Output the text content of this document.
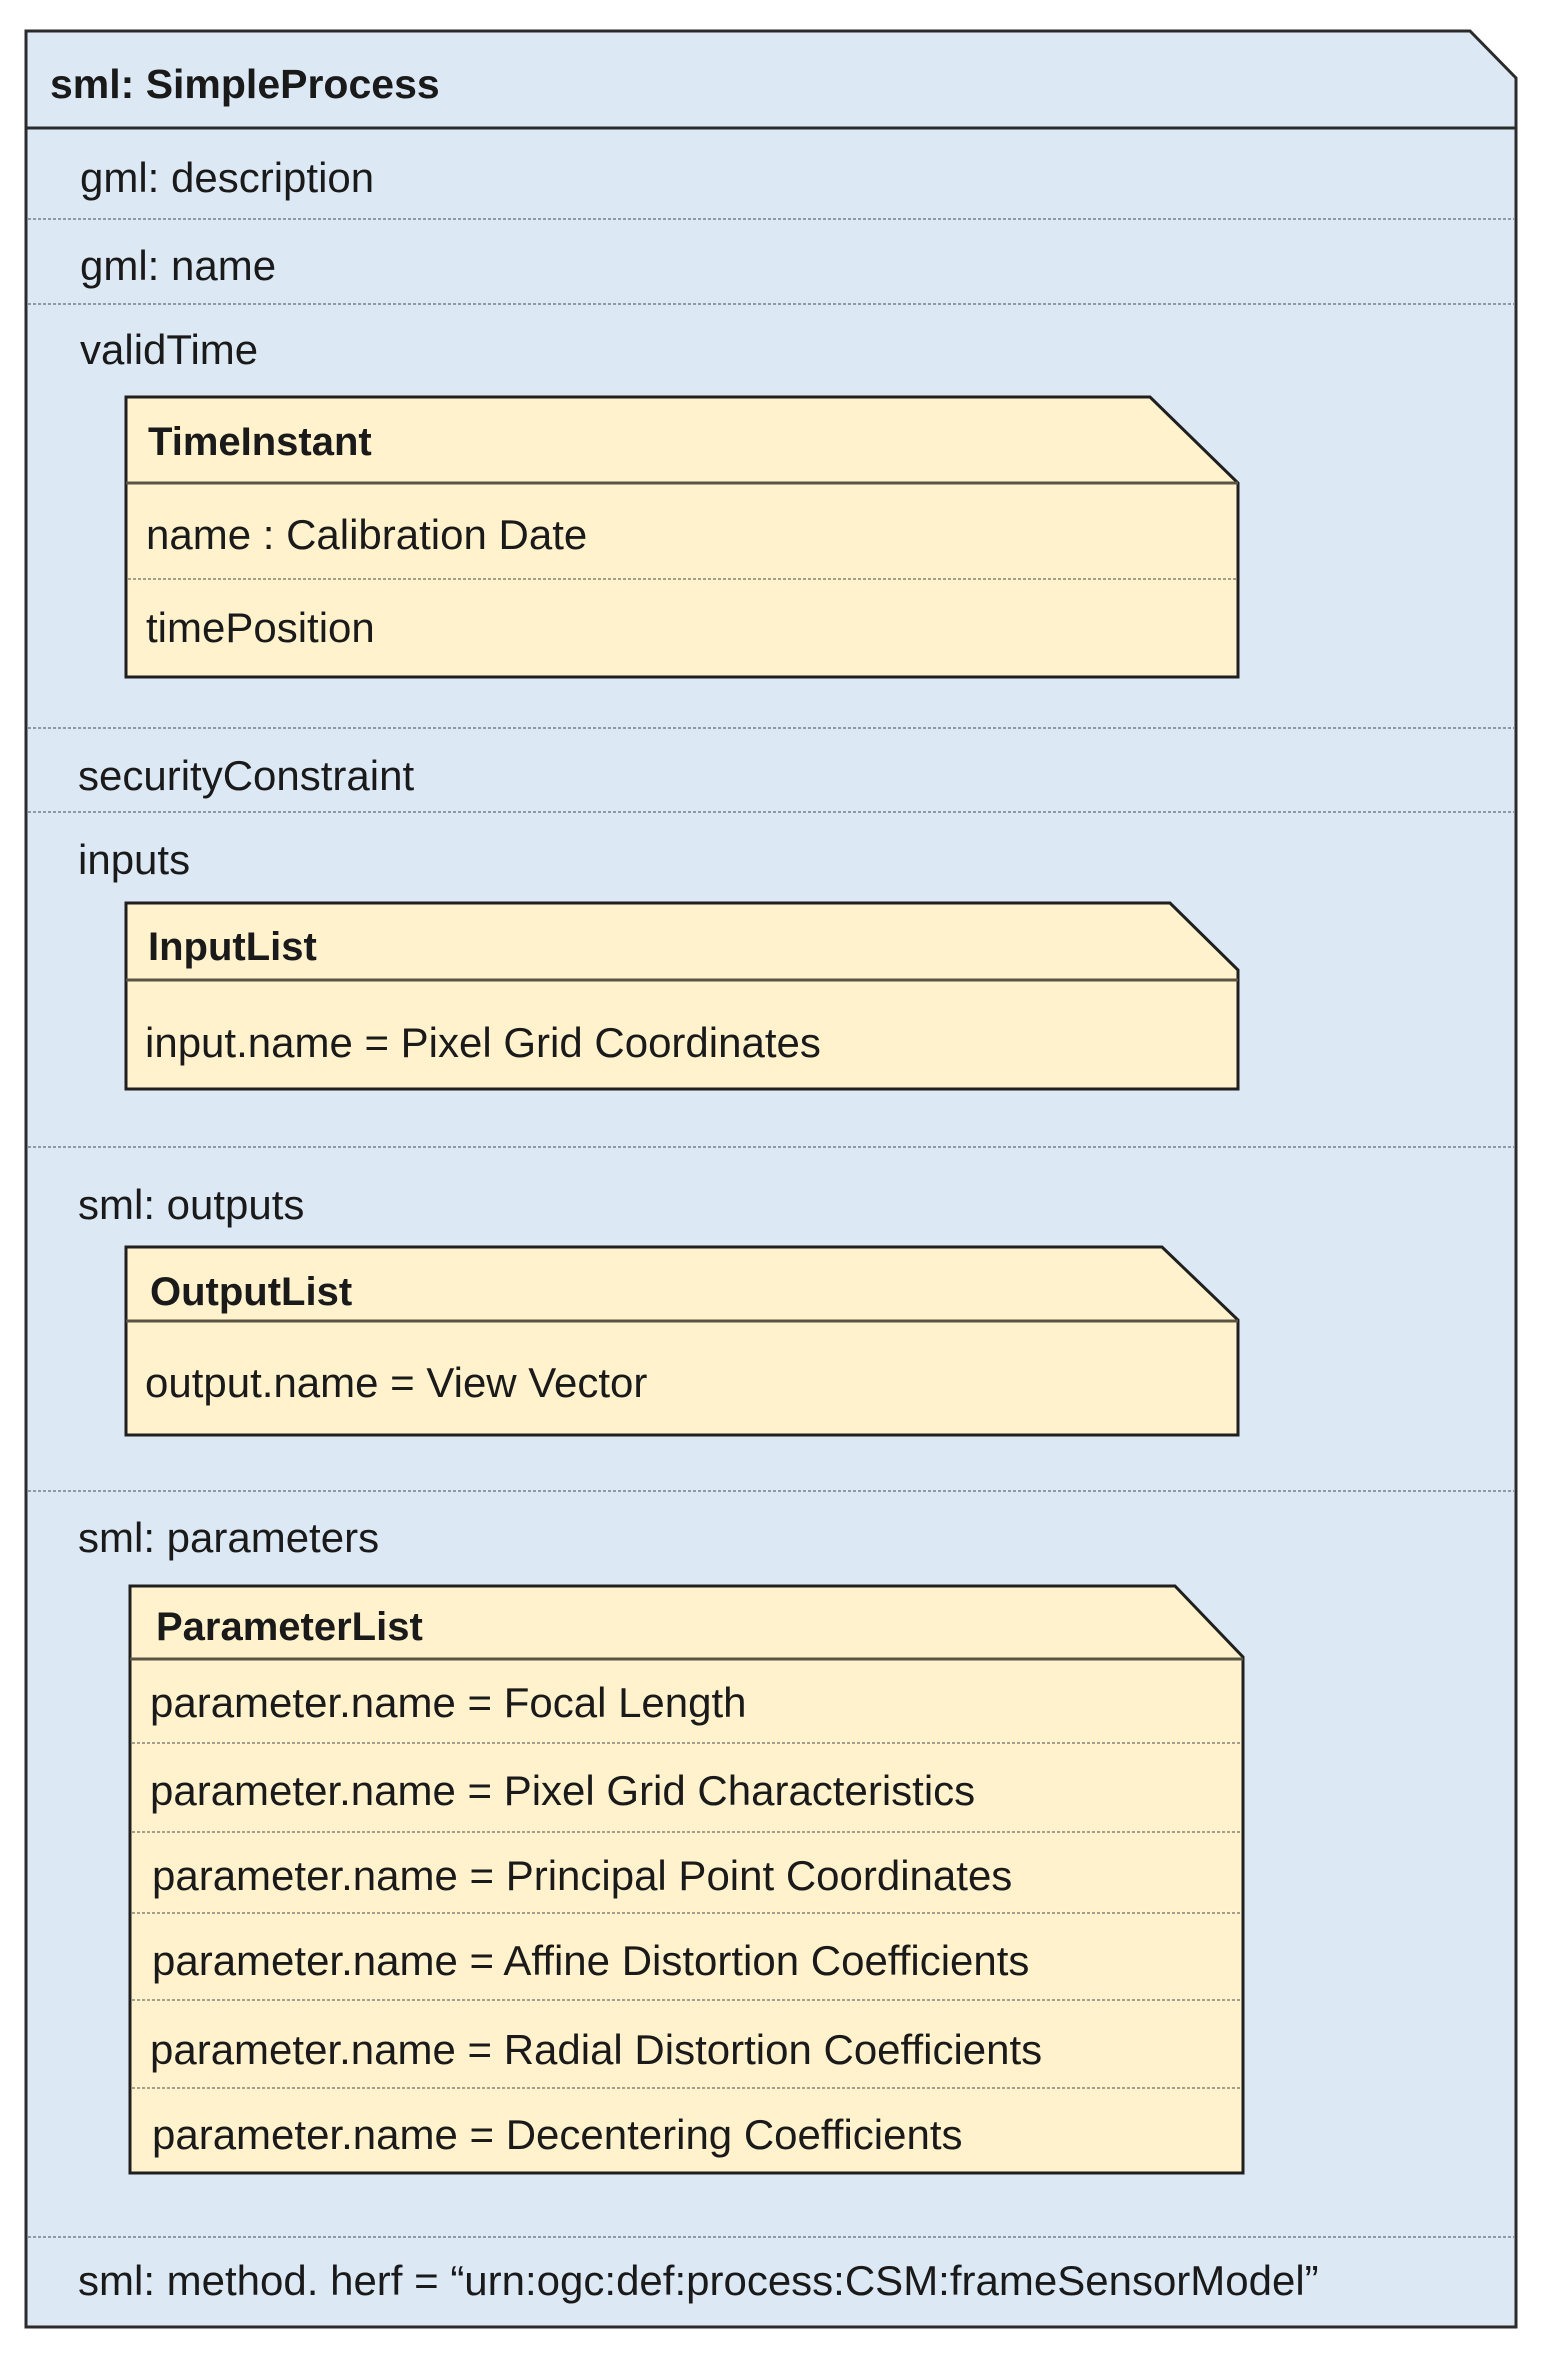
sml: SimpleProcess
gml: description
gml: name
validTime
TimeInstant
name : Calibration Date
timePosition
securityConstraint
inputs
InputList
input.name = Pixel Grid Coordinates
sml: outputs
OutputList
output.name = View Vector
sml: parameters
ParameterList
parameter.name = Focal Length
parameter.name = Pixel Grid Characteristics
parameter.name = Principal Point Coordinates
parameter.name = Affine Distortion Coefficients
parameter.name = Radial Distortion Coefficients
parameter.name = Decentering Coefficients
sml: method. herf = “urn:ogc:def:process:CSM:frameSensorModel”
